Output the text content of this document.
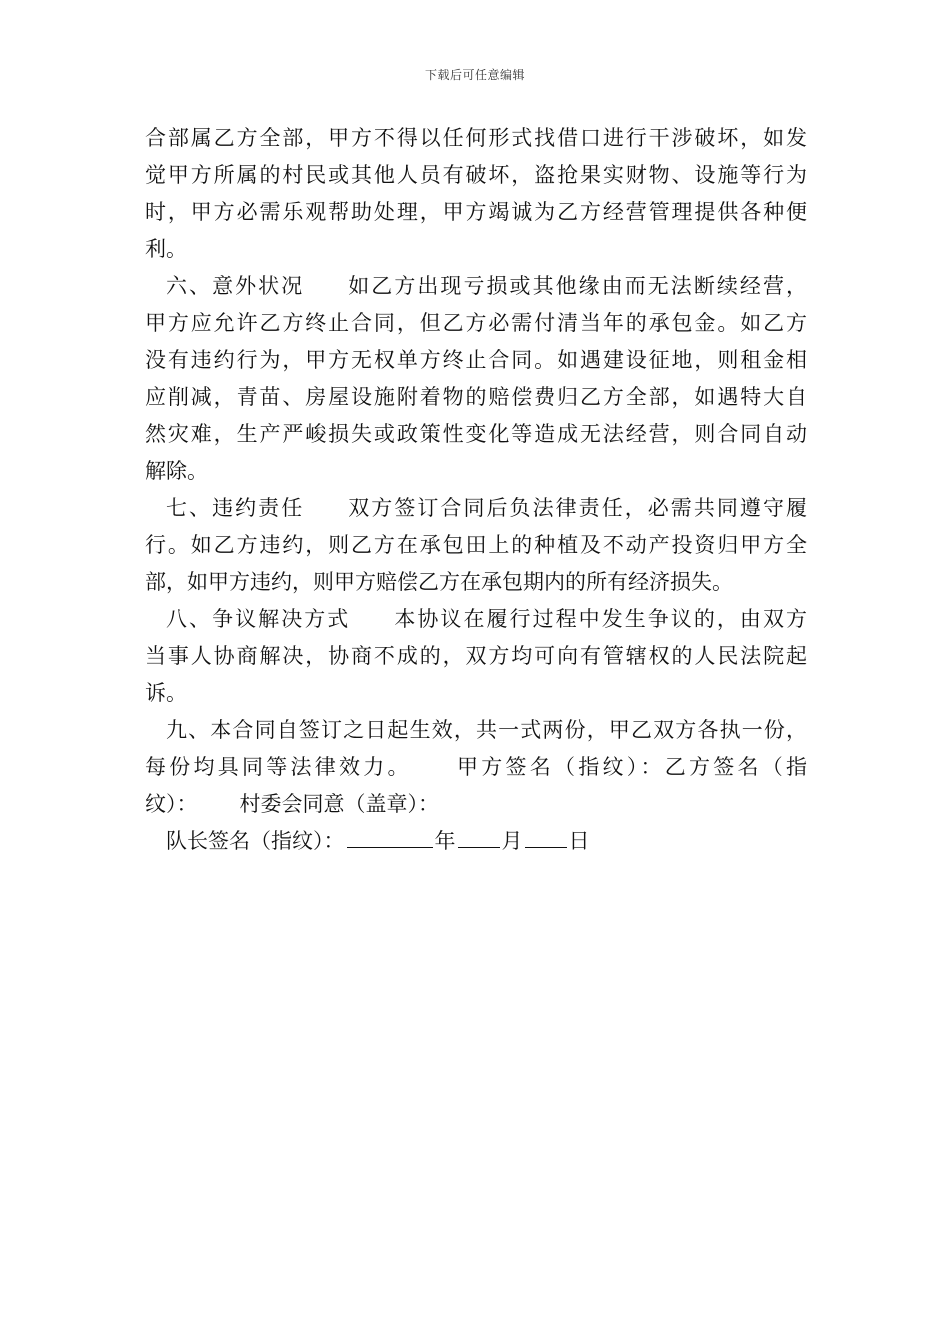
下载后可任意编辑
合部属乙方全部，甲方不得以任何形式找借口进行干涉破坏，如发
觉甲方所属的村民或其他人员有破坏，盗抢果实财物、设施等行为
时，甲方必需乐观帮助处理，甲方竭诚为乙方经营管理提供各种便
利。
六、意外状况 如乙方出现亏损或其他缘由而无法断续经营，
甲方应允许乙方终止合同，但乙方必需付清当年的承包金。如乙方
没有违约行为，甲方无权单方终止合同。如遇建设征地，则租金相
应削减，青苗、房屋设施附着物的赔偿费归乙方全部，如遇特大自
然灾难，生产严峻损失或政策性变化等造成无法经营，则合同自动
解除。
七、违约责任 双方签订合同后负法律责任，必需共同遵守履
行。如乙方违约，则乙方在承包田上的种植及不动产投资归甲方全
部，如甲方违约，则甲方赔偿乙方在承包期内的所有经济损失。
八、争议解决方式 本协议在履行过程中发生争议的，由双方
当事人协商解决，协商不成的，双方均可向有管辖权的人民法院起
诉。
九、本合同自签订之日起生效，共一式两份，甲乙双方各执一份，
每份均具同等法律效力。 甲方签名（指纹）：乙方签名（指
纹）： 村委会同意（盖章）：
队长签名（指纹）：	年 月 日
